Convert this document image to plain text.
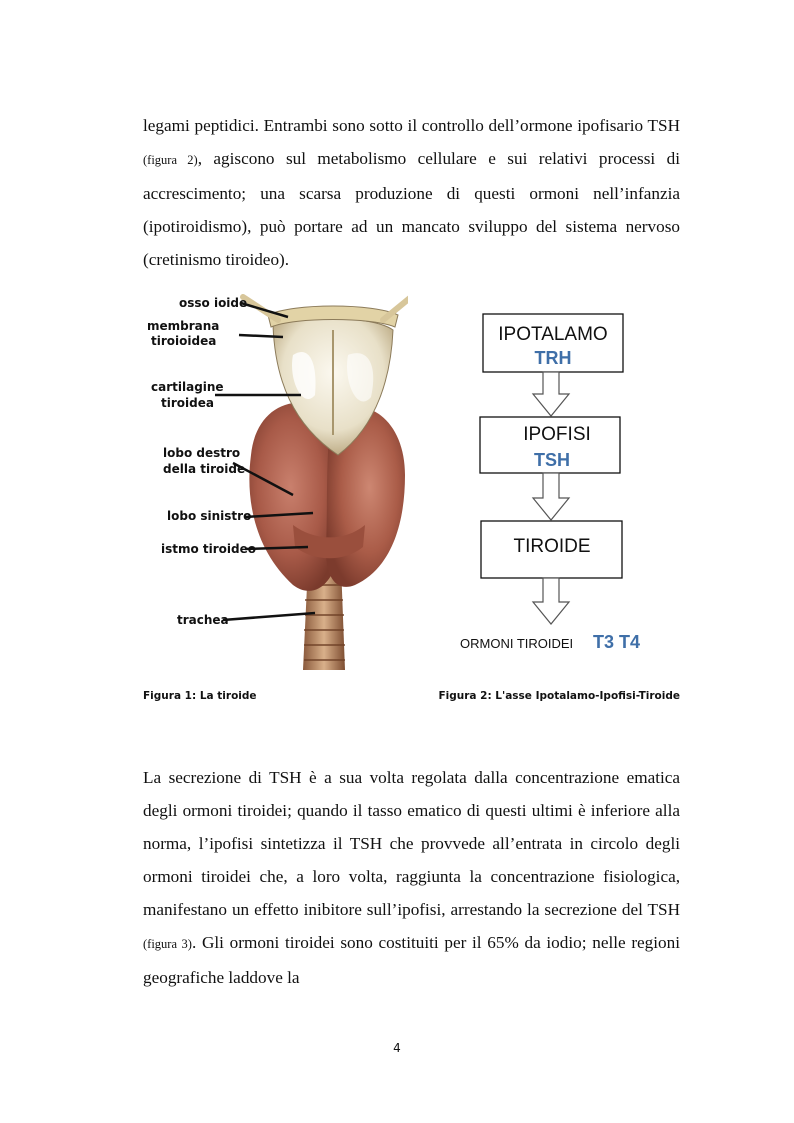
legami peptidici. Entrambi sono sotto il controllo dell’ormone ipofisario TSH (figura 2), agiscono sul metabolismo cellulare e sui relativi processi di accrescimento; una scarsa produzione di questi ormoni nell’infanzia (ipotiroidismo), può portare ad un mancato sviluppo del sistema nervoso (cretinismo tiroideo).

osso ioide
membrana
tiroioidea
cartilagine
tiroidea
lobo destro
della tiroide
lobo sinistro
istmo tiroideo
trachea
IPOTALAMO
TRH
IPOFISI
TSH
TIROIDE
ORMONI TIROIDEI T3 T4
Figura 1: La tiroide	Figura 2: L'asse Ipotalamo-Ipofisi-Tiroide

La secrezione di TSH è a sua volta regolata dalla concentrazione ematica degli ormoni tiroidei; quando il tasso ematico di questi ultimi è inferiore alla norma, l’ipofisi sintetizza il TSH che provvede all’entrata in circolo degli ormoni tiroidei che, a loro volta, raggiunta la concentrazione fisiologica, manifestano un effetto inibitore sull’ipofisi, arrestando la secrezione del TSH (figura 3). Gli ormoni tiroidei sono costituiti per il 65% da iodio; nelle regioni geografiche laddove la

4
